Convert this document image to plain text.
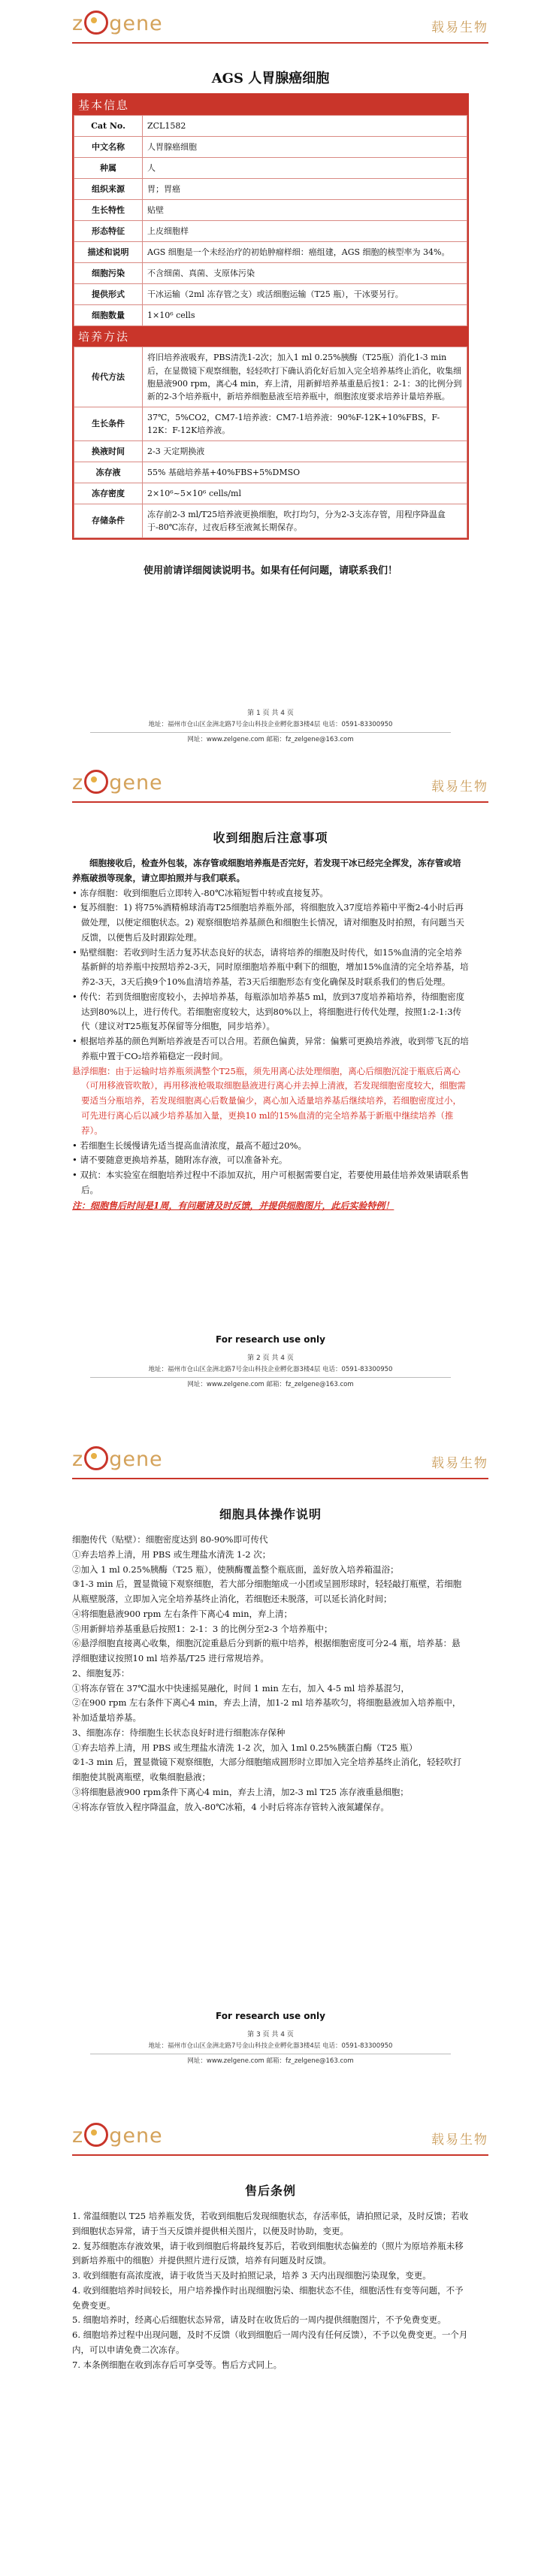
z gene	载易生物
AGS 人胃腺癌细胞
基本信息
Cat No.	ZCL1582
中文名称	人胃腺癌细胞
种属	人
组织来源	胃；胃癌
生长特性	贴壁
形态特征	上皮细胞样
描述和说明	AGS 细胞是一个未经治疗的初始肿瘤样细：癌组建，AGS 细胞的核型率为 34%。
细胞污染	不含细菌、真菌、支原体污染
提供形式	干冰运输（2ml 冻存管之支）或活细胞运输（T25 瓶），干冰要另行。
细胞数量	1×10⁶ cells
培养方法
传代方法	将旧培养液吸弃，PBS清洗1-2次；加入1 ml 0.25%胰酶（T25瓶）消化1-3 min 后，在显微镜下观察细胞，轻轻吹打下确认消化好后加入完全培养基终止消化，收集细胞悬液900 rpm，离心4 min，弃上清，用新鲜培养基重悬后按1：2-1：3的比例分到新的2-3个培养瓶中，新培养细胞悬液至培养瓶中，细胞浓度要求培养计量培养瓶。
生长条件	37℃，5%CO2，CM7-1培养液：CM7-1培养液：90%F-12K+10%FBS，F-12K：F-12K培养液。
换液时间	2-3 天定期换液
冻存液	55% 基础培养基+40%FBS+5%DMSO
冻存密度	2×10⁶~5×10⁶ cells/ml
存储条件	冻存前2-3 ml/T25培养液更换细胞，吹打均匀，分为2-3支冻存管，用程序降温盒于-80℃冻存，过夜后移至液氮长期保存。
使用前请详细阅读说明书。如果有任何问题，请联系我们！
第 1 页 共 4 页
地址：福州市仓山区金洲北路7号金山科技企业孵化器3楼4层 电话：0591-83300950
网址：www.zelgene.com 邮箱：fz_zelgene@163.com
z gene	载易生物
收到细胞后注意事项

细胞接收后，检查外包装，冻存管或细胞培养瓶是否完好，若发现干冰已经完全挥发，冻存管或培养瓶破损等现象，请立即拍照并与我们联系。

• 冻存细胞：收到细胞后立即转入-80℃冰箱短暂中转或直接复苏。

• 复苏细胞：1) 将75%酒精棉球消毒T25细胞培养瓶外部，将细胞放入37度培养箱中平衡2-4小时后再做处理，以便定细胞状态。2) 观察细胞培养基颜色和细胞生长情况，请对细胞及时拍照，有问题当天反馈，以便售后及时跟踪处理。

• 贴壁细胞：若收到时生活力复苏状态良好的状态，请将培养的细胞及时传代，如15%血清的完全培养基新鲜的培养瓶中按照培养2-3天，同时原细胞培养瓶中剩下的细胞，增加15%血清的完全培养基，培养2-3天，3天后换9个10%血清培养基，若3天后细胞形态有变化确保及时联系我们的售后处理。

• 传代：若到货细胞密度较小，去掉培养基，每瓶添加培养基5 ml，放到37度培养箱培养，待细胞密度达到80%以上，进行传代。若细胞密度较大，达到80%以上，将细胞进行传代处理，按照1:2-1:3传代（建议对T25瓶复苏保留等分细胞，同步培养）。

• 根据培养基的颜色判断培养液是否可以合用。若颜色偏黄，异常：偏紫可更换培养液，收到带飞瓦的培养瓶中置于CO₂培养箱稳定一段时间。

悬浮细胞：由于运输时培养瓶须满整个T25瓶，须先用离心法处理细胞，离心后细胞沉淀于瓶底后离心（可用移液管吹散），再用移液枪吸取细胞悬液进行离心并去掉上清液，若发现细胞密度较大，细胞需要适当分瓶培养，若发现细胞离心后数量偏少，离心加入适量培养基后继续培养，若细胞密度过小，可先进行离心后以减少培养基加入量，更换10 ml的15%血清的完全培养基于新瓶中继续培养（推荐）。

• 若细胞生长缓慢请先适当提高血清浓度，最高不超过20%。

• 请不要随意更换培养基，随附冻存液，可以准备补充。

• 双抗：本实验室在细胞培养过程中不添加双抗，用户可根据需要自定，若要使用最佳培养效果请联系售后。

注：细胞售后时间是1周，有问题请及时反馈，并提供细胞图片，此后实验特例！

For research use only
第 2 页 共 4 页
地址：福州市仓山区金洲北路7号金山科技企业孵化器3楼4层 电话：0591-83300950
网址：www.zelgene.com 邮箱：fz_zelgene@163.com
z gene	载易生物
细胞具体操作说明

细胞传代（贴壁）：细胞密度达到 80-90%即可传代

①弃去培养上清，用 PBS 或生理盐水清洗 1-2 次；

②加入 1 ml 0.25%胰酶（T25 瓶），使胰酶覆盖整个瓶底面，盖好放入培养箱温浴；

③1-3 min 后，置显微镜下观察细胞，若大部分细胞缩成一小团或呈圆形球时，轻轻敲打瓶壁，若细胞从瓶壁脱落，立即加入完全培养基终止消化，若细胞还未脱落，可以延长消化时间；

④将细胞悬液900 rpm 左右条件下离心4 min，弃上清；

⑤用新鲜培养基重悬后按照1：2-1：3 的比例分至2-3 个培养瓶中；

⑥悬浮细胞直接离心收集，细胞沉淀重悬后分到新的瓶中培养，根据细胞密度可分2-4 瓶，培养基：悬浮细胞建议按照10 ml 培养基/T25 进行常规培养。

2、细胞复苏：

①将冻存管在 37℃温水中快速摇晃融化，时间 1 min 左右，加入 4-5 ml 培养基混匀，

②在900 rpm 左右条件下离心4 min，弃去上清，加1-2 ml 培养基吹匀，将细胞悬液加入培养瓶中，补加适量培养基。

3、细胞冻存：待细胞生长状态良好时进行细胞冻存保种

①弃去培养上清，用 PBS 或生理盐水清洗 1-2 次，加入 1ml 0.25%胰蛋白酶（T25 瓶）

②1-3 min 后，置显微镜下观察细胞，大部分细胞缩成圆形时立即加入完全培养基终止消化，轻轻吹打细胞使其脱离瓶壁，收集细胞悬液；

③将细胞悬液900 rpm条件下离心4 min，弃去上清，加2-3 ml T25 冻存液重悬细胞；

④将冻存管放入程序降温盒，放入-80℃冰箱，4 小时后将冻存管转入液氮罐保存。

For research use only
第 3 页 共 4 页
地址：福州市仓山区金洲北路7号金山科技企业孵化器3楼4层 电话：0591-83300950
网址：www.zelgene.com 邮箱：fz_zelgene@163.com
z gene	载易生物
售后条例

1. 常温细胞以 T25 培养瓶发货，若收到细胞后发现细胞状态，存活率低，请拍照记录，及时反馈；若收到细胞状态异常，请于当天反馈并提供相关图片，以便及时协助，变更。

2. 复苏细胞冻存液效果，请于收到细胞后将最终复苏后，若收到细胞状态偏差的（照片为原培养瓶未移到新培养瓶中的细胞）并提供照片进行反馈，培养有问题及时反馈。

3. 收到细胞有高浓度液，请于收货当天及时拍照记录，培养 3 天内出现细胞污染现象，变更。

4. 收到细胞培养时间较长，用户培养操作时出现细胞污染、细胞状态不佳，细胞活性有变等问题，不予免费变更。

5. 细胞培养时，经离心后细胞状态异常，请及时在收货后的一周内提供细胞图片，不予免费变更。

6. 细胞培养过程中出现问题，及时不反馈（收到细胞后一周内没有任何反馈），不予以免费变更。一个月内，可以申请免费二次冻存。

7. 本条例细胞在收到冻存后可享受等。售后方式同上。
